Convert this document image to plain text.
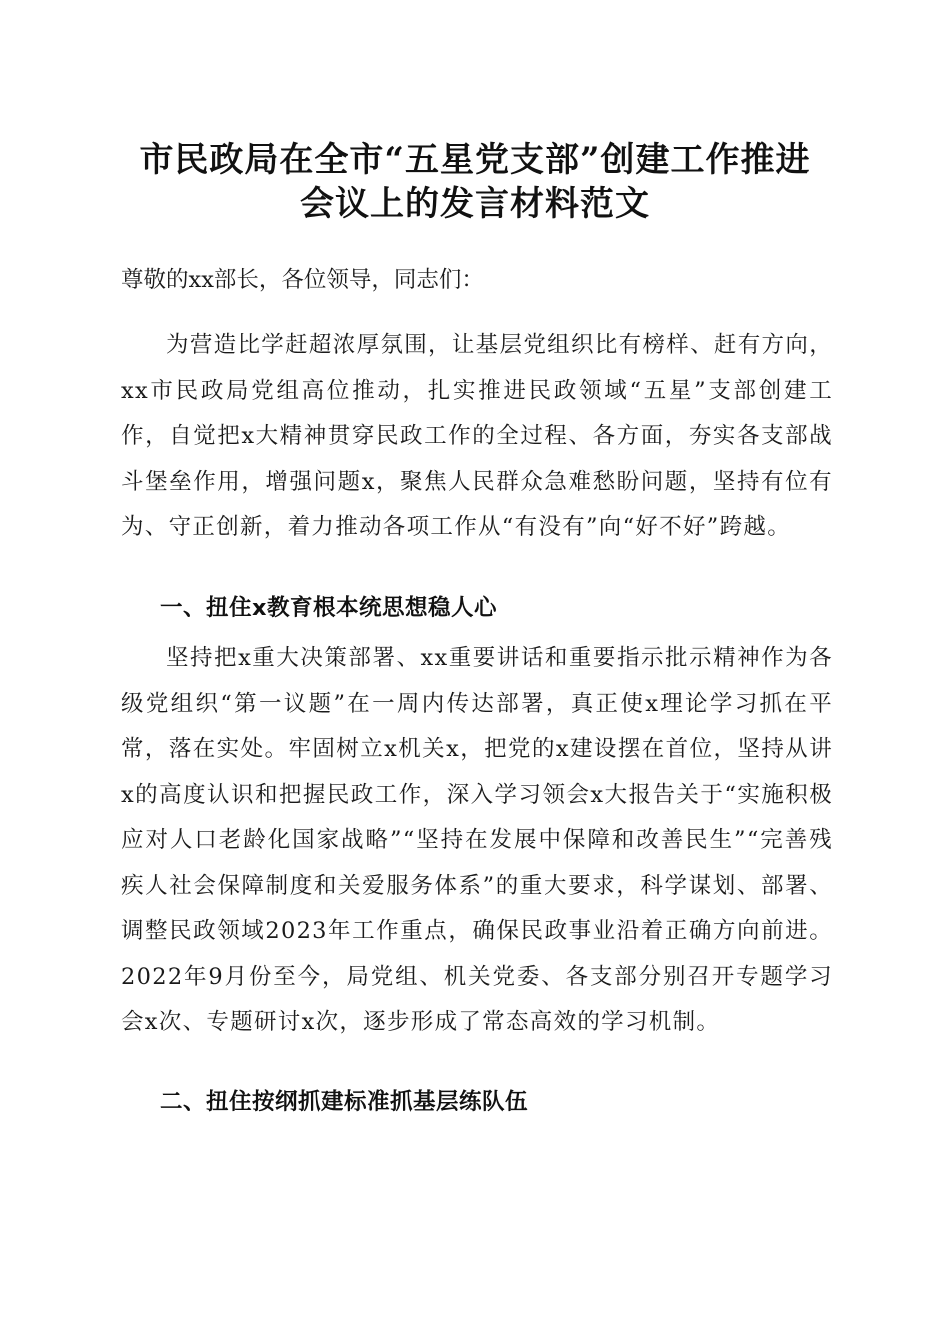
市民政局在全市“五星党支部”创建工作推进
会议上的发言材料范文

尊敬的xx部长，各位领导，同志们：

为营造比学赶超浓厚氛围，让基层党组织比有榜样、赶有方向，xx市民政局党组高位推动，扎实推进民政领域“五星”支部创建工作，自觉把x大精神贯穿民政工作的全过程、各方面，夯实各支部战斗堡垒作用，增强问题x，聚焦人民群众急难愁盼问题，坚持有位有为、守正创新，着力推动各项工作从“有没有”向“好不好”跨越。

一、扭住x教育根本统思想稳人心

坚持把x重大决策部署、xx重要讲话和重要指示批示精神作为各级党组织“第一议题”在一周内传达部署，真正使x理论学习抓在平常，落在实处。牢固树立x机关x，把党的x建设摆在首位，坚持从讲x的高度认识和把握民政工作，深入学习领会x大报告关于“实施积极应对人口老龄化国家战略”“坚持在发展中保障和改善民生”“完善残疾人社会保障制度和关爱服务体系”的重大要求，科学谋划、部署、调整民政领域2023年工作重点，确保民政事业沿着正确方向前进。2022年9月份至今，局党组、机关党委、各支部分别召开专题学习会x次、专题研讨x次，逐步形成了常态高效的学习机制。

二、扭住按纲抓建标准抓基层练队伍
